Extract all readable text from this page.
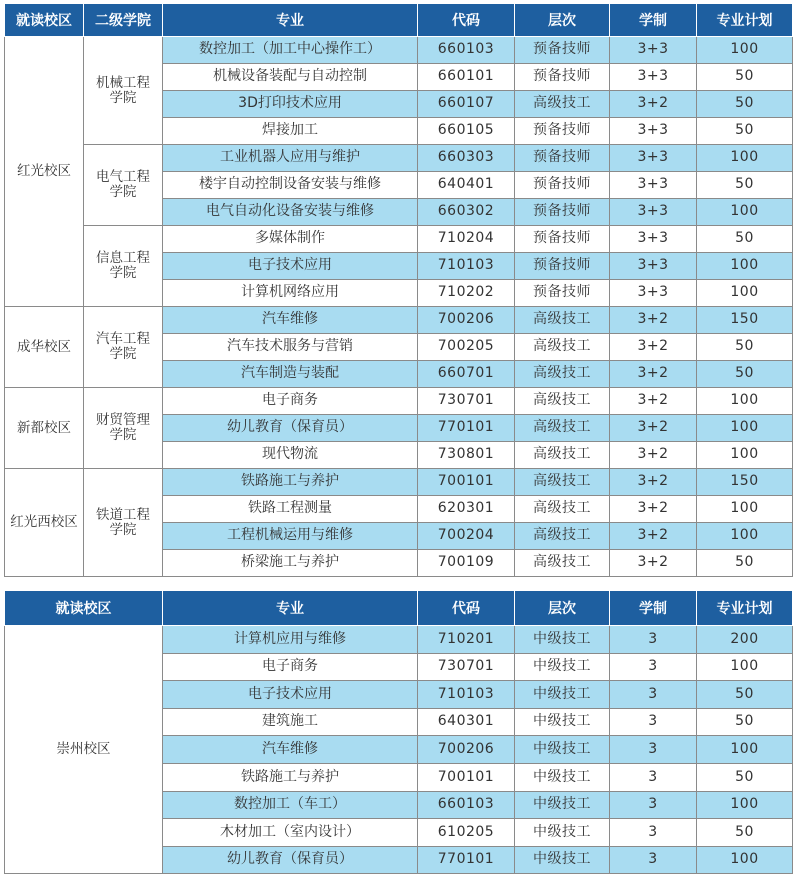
就读校区	二级学院	专业	代码	层次	学制	专业计划
红光校区	机械工程学院	数控加工（加工中心操作工）	660103	预备技师	3+3	100
		机械设备装配与自动控制	660101	预备技师	3+3	50
		3D打印技术应用	660107	高级技工	3+2	50
		焊接加工	660105	预备技师	3+3	50
	电气工程学院	工业机器人应用与维护	660303	预备技师	3+3	100
		楼宇自动控制设备安装与维修	640401	预备技师	3+3	50
		电气自动化设备安装与维修	660302	预备技师	3+3	100
	信息工程学院	多媒体制作	710204	预备技师	3+3	50
		电子技术应用	710103	预备技师	3+3	100
		计算机网络应用	710202	预备技师	3+3	100
成华校区	汽车工程学院	汽车维修	700206	高级技工	3+2	150
		汽车技术服务与营销	700205	高级技工	3+2	50
		汽车制造与装配	660701	高级技工	3+2	50
新都校区	财贸管理学院	电子商务	730701	高级技工	3+2	100
		幼儿教育（保育员）	770101	高级技工	3+2	100
		现代物流	730801	高级技工	3+2	100
红光西校区	铁道工程学院	铁路施工与养护	700101	高级技工	3+2	150
		铁路工程测量	620301	高级技工	3+2	100
		工程机械运用与维修	700204	高级技工	3+2	100
		桥梁施工与养护	700109	高级技工	3+2	50
就读校区	专业	代码	层次	学制	专业计划
崇州校区	计算机应用与维修	710201	中级技工	3	200
	电子商务	730701	中级技工	3	100
	电子技术应用	710103	中级技工	3	50
	建筑施工	640301	中级技工	3	50
	汽车维修	700206	中级技工	3	100
	铁路施工与养护	700101	中级技工	3	50
	数控加工（车工）	660103	中级技工	3	100
	木材加工（室内设计）	610205	中级技工	3	50
	幼儿教育（保育员）	770101	中级技工	3	100
